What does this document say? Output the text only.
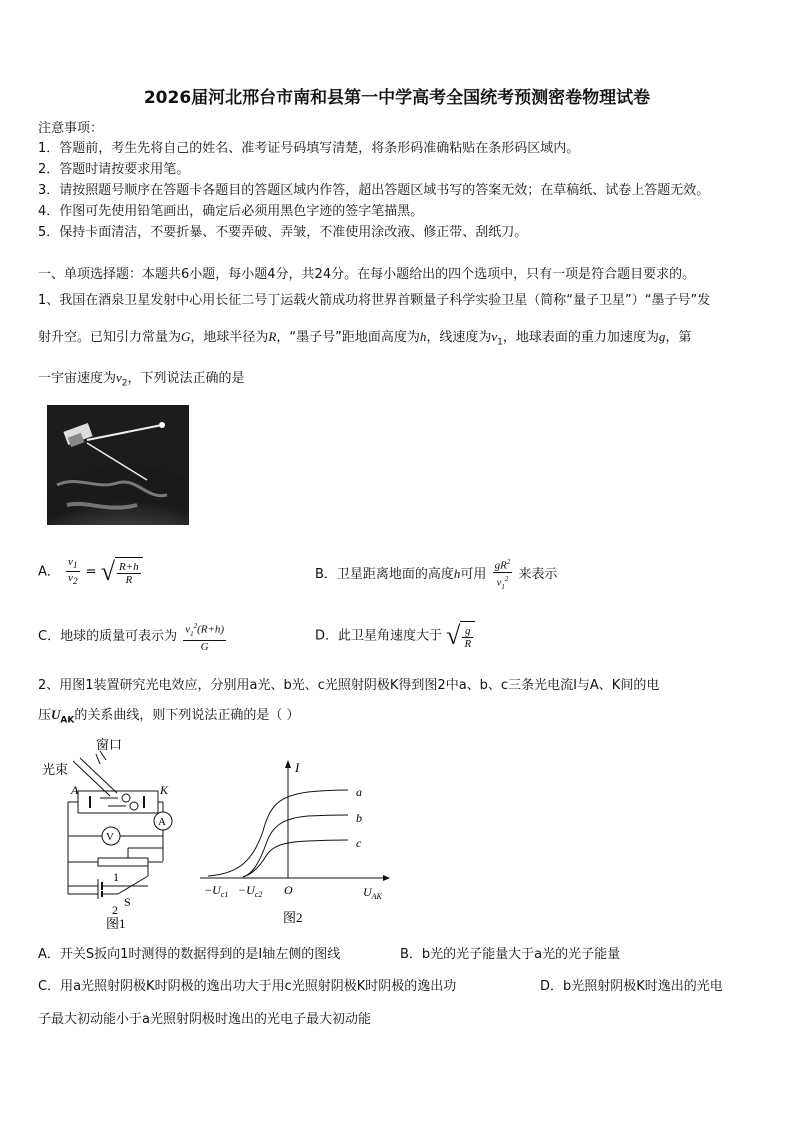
2026届河北邢台市南和县第一中学高考全国统考预测密卷物理试卷
注意事项：
1．答题前，考生先将自己的姓名、准考证号码填写清楚，将条形码准确粘贴在条形码区域内。
2．答题时请按要求用笔。
3．请按照题号顺序在答题卡各题目的答题区域内作答，超出答题区域书写的答案无效；在草稿纸、试卷上答题无效。
4．作图可先使用铅笔画出，确定后必须用黑色字迹的签字笔描黑。
5．保持卡面清洁，不要折暴、不要弄破、弄皱，不准使用涂改液、修正带、刮纸刀。
一、单项选择题：本题共6小题，每小题4分，共24分。在每小题给出的四个选项中，只有一项是符合题目要求的。
1、我国在酒泉卫星发射中心用长征二号丁运载火箭成功将世界首颗量子科学实验卫星（简称“量子卫星”）“墨子号”发
射升空。已知引力常量为G，地球半径为R，“墨子号”距地面高度为h，线速度为$v_1$，地球表面的重力加速度为g，第
一宇宙速度为$v_2$，下列说法正确的是
A． $\frac{v_1}{v_2}$ = √ $\frac{R+h}{R}$	B．卫星距离地面的高度h可用 $\frac{gR^2}{v_1^2}$ 来表示
C．地球的质量可表示为 $\frac{v_1^2(R+h)}{G}$	D．此卫星角速度大于 √ $\frac{g}{R}$
2、用图1装置研究光电效应，分别用a光、b光、c光照射阴极K得到图2中a、b、c三条光电流I与A、K间的电
压$U_{AK}$的关系曲线，则下列说法正确的是（ ）
窗口
光束
A	K
A
V
1
S
2
图1
I
a
b
c
$-U_{c1} -U_{c2}$ O	$U_{AK}$
图2
A．开关S扳向1时测得的数据得到的是I轴左侧的图线	B．b光的光子能量大于a光的光子能量
C．用a光照射阴极K时阴极的逸出功大于用c光照射阴极K时阴极的逸出功	D．b光照射阴极K时逸出的光电
子最大初动能小于a光照射阴极时逸出的光电子最大初动能
